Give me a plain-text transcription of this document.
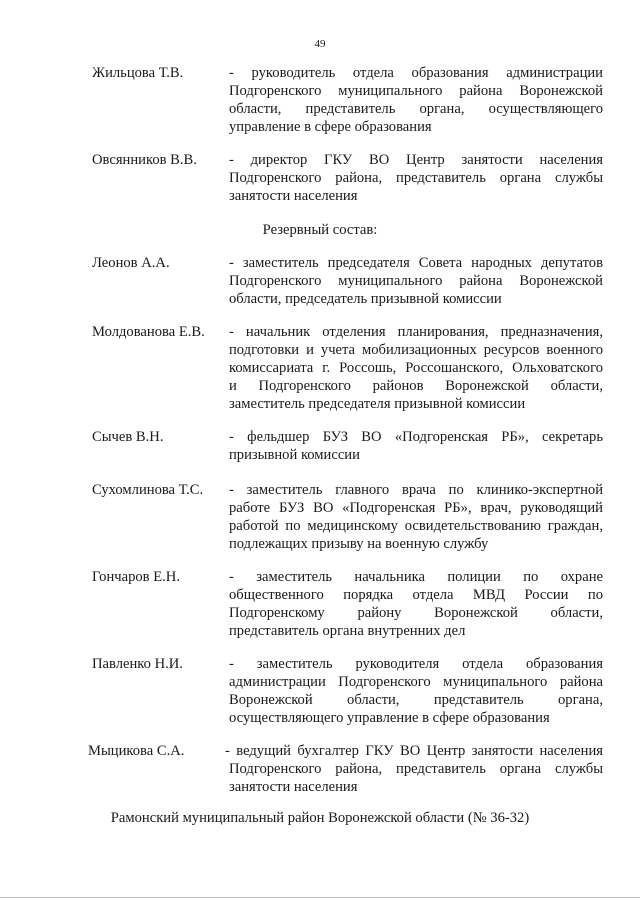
49
Жильцова Т.В.	- руководитель отдела образования администрации
Подгоренского муниципального района Воронежской
области, представитель органа, осуществляющего
управление в сфере образования
Овсянников В.В. - директор ГКУ ВО Центр занятости населения
Подгоренского района, представитель органа службы
занятости населения
Резервный состав:
Леонов А.А.	- заместитель председателя Совета народных депутатов
Подгоренского муниципального района Воронежской
области, председатель призывной комиссии
Молдованова Е.В. - начальник отделения планирования, предназначения,
подготовки и учета мобилизационных ресурсов военного
комиссариата г. Россошь, Россошанского, Ольховатского
и Подгоренского районов Воронежской области,
заместитель председателя призывной комиссии
Сычев В.Н.	- фельдшер БУЗ ВО «Подгоренская РБ», секретарь
призывной комиссии
Сухомлинова Т.С. - заместитель главного врача по клинико-экспертной
работе БУЗ ВО «Подгоренская РБ», врач, руководящий
работой по медицинскому освидетельствованию граждан,
подлежащих призыву на военную службу
Гончаров Е.Н.	- заместитель начальника полиции по охране
общественного порядка отдела МВД России по
Подгоренскому району Воронежской области,
представитель органа внутренних дел
Павленко Н.И.	- заместитель руководителя отдела образования
администрации Подгоренского муниципального района
Воронежской области, представитель органа,
осуществляющего управление в сфере образования
Мыцикова С.А.	- ведущий бухгалтер ГКУ ВО Центр занятости населения
Подгоренского района, представитель органа службы
занятости населения
Рамонский муниципальный район Воронежской области (№ 36-32)
